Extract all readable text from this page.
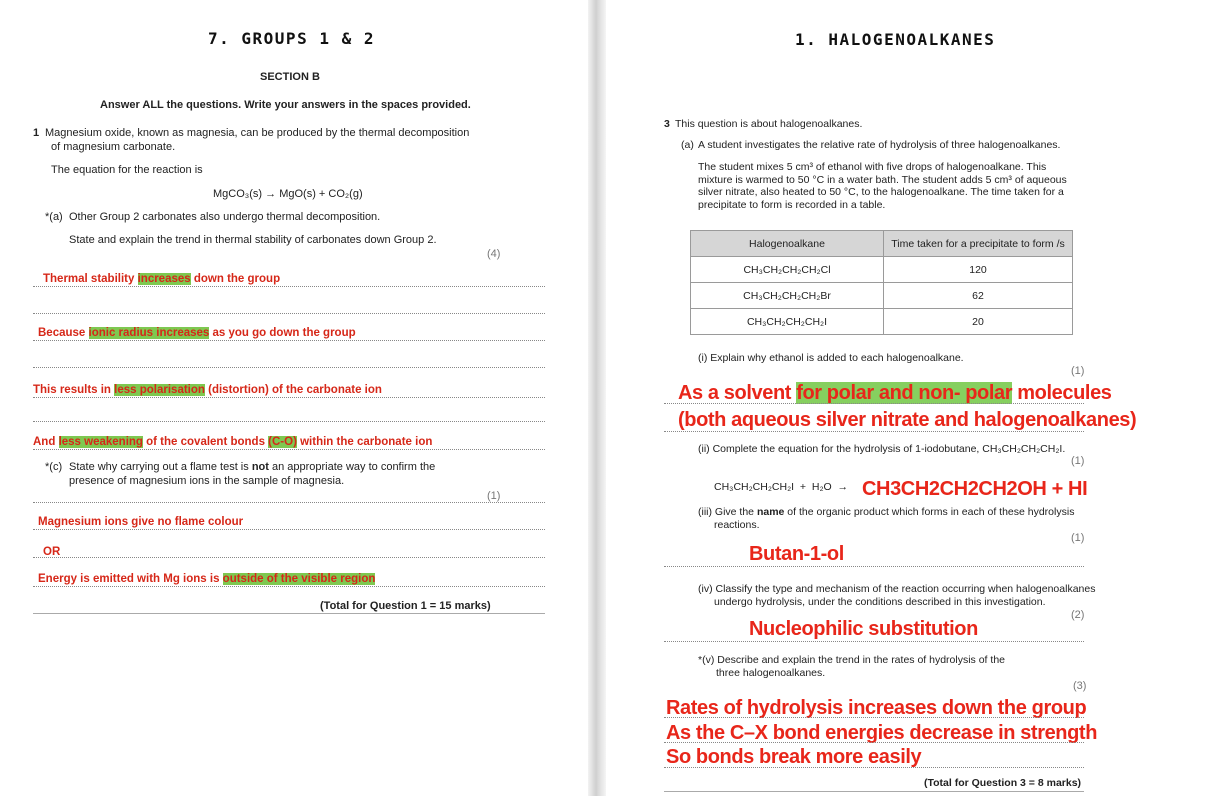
7. GROUPS 1 & 2
SECTION B
Answer ALL the questions. Write your answers in the spaces provided.
1 Magnesium oxide, known as magnesia, can be produced by the thermal decomposition
of magnesium carbonate.
The equation for the reaction is
MgCO₃(s) → MgO(s) + CO₂(g)
*(a) Other Group 2 carbonates also undergo thermal decomposition.
State and explain the trend in thermal stability of carbonates down Group 2.
(4)
Thermal stability increases down the group
Because ionic radius increases as you go down the group
This results in less polarisation (distortion) of the carbonate ion
And less weakening of the covalent bonds (C-O) within the carbonate ion
*(c) State why carrying out a flame test is not an appropriate way to confirm the
presence of magnesium ions in the sample of magnesia.
(1)
Magnesium ions give no flame colour
OR
Energy is emitted with Mg ions is outside of the visible region
(Total for Question 1 = 15 marks)
1. HALOGENOALKANES
3 This question is about halogenoalkanes.
(a) A student investigates the relative rate of hydrolysis of three halogenoalkanes.
The student mixes 5 cm³ of ethanol with five drops of halogenoalkane. This
mixture is warmed to 50 °C in a water bath. The student adds 5 cm³ of aqueous
silver nitrate, also heated to 50 °C, to the halogenoalkane. The time taken for a
precipitate to form is recorded in a table.
Halogenoalkane	Time taken for a precipitate to form /s
CH₃CH₂CH₂CH₂Cl	120
CH₃CH₂CH₂CH₂Br	62
CH₃CH₂CH₂CH₂I	20
(i) Explain why ethanol is added to each halogenoalkane.
(1)
As a solvent for polar and non- polar molecules
(both aqueous silver nitrate and halogenoalkanes)
(ii) Complete the equation for the hydrolysis of 1-iodobutane, CH₃CH₂CH₂CH₂I.
(1)
CH₃CH₂CH₂CH₂I  +  H₂O  → CH3CH2CH2CH2OH + HI
(iii) Give the name of the organic product which forms in each of these hydrolysis
reactions.
(1)
Butan-1-ol
(iv) Classify the type and mechanism of the reaction occurring when halogenoalkanes
undergo hydrolysis, under the conditions described in this investigation.
(2)
Nucleophilic substitution
*(v) Describe and explain the trend in the rates of hydrolysis of the
three halogenoalkanes.
(3)
Rates of hydrolysis increases down the group
As the C–X bond energies decrease in strength
So bonds break more easily
(Total for Question 3 = 8 marks)
